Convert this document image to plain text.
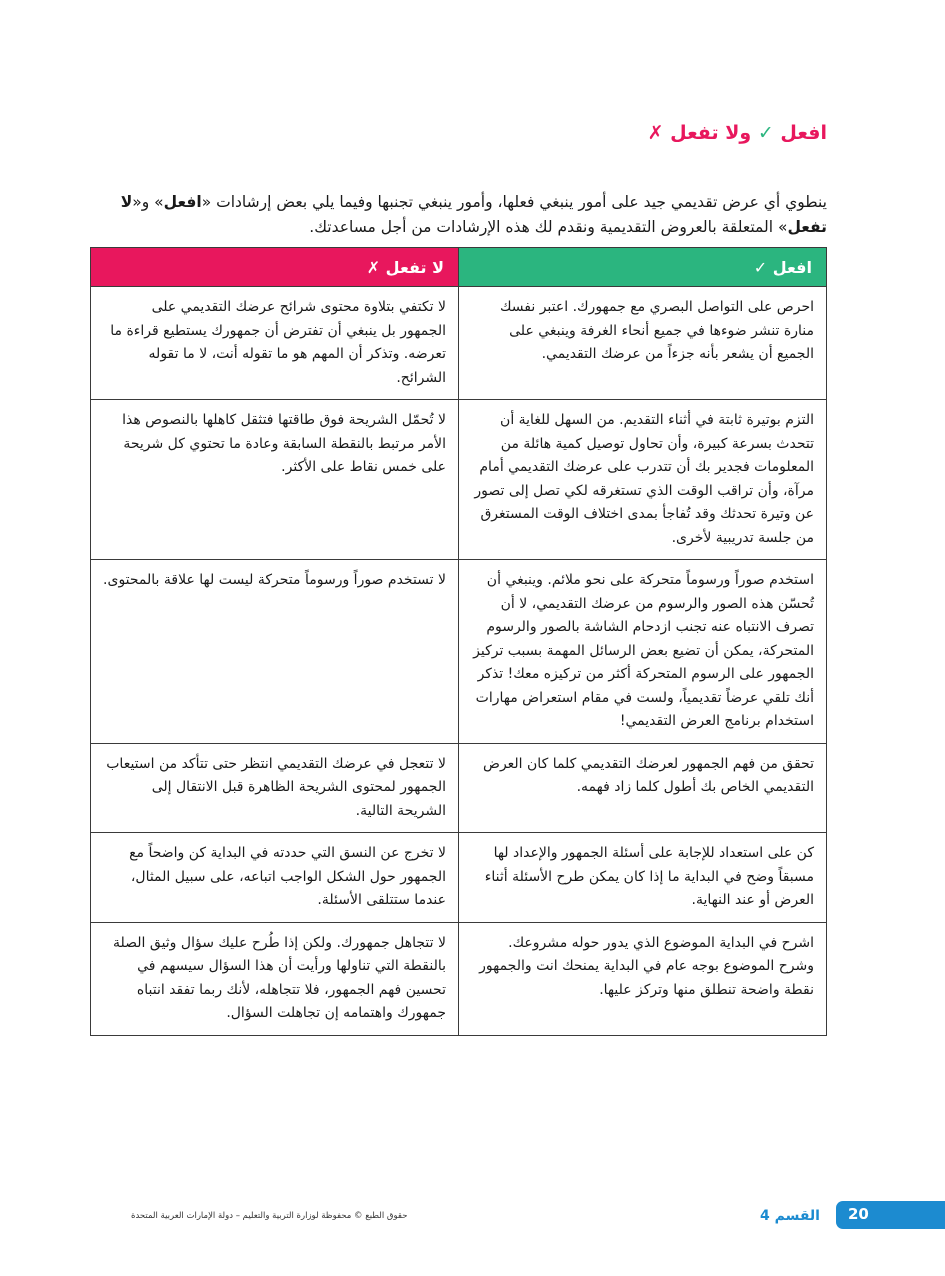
افعل ✓ ولا تفعل ✗

ينطوي أي عرض تقديمي جيد على أمور ينبغي فعلها، وأمور ينبغي تجنبها وفيما يلي بعض إرشادات «افعل» و«لا تفعل» المتعلقة بالعروض التقديمية ونقدم لك هذه الإرشادات من أجل مساعدتك.

افعل ✓	لا تفعل ✗
احرص على التواصل البصري مع جمهورك. اعتبر نفسك منارة تنشر ضوءها في جميع أنحاء الغرفة وينبغي على الجميع أن يشعر بأنه جزءاً من عرضك التقديمي.	لا تكتفي بتلاوة محتوى شرائح عرضك التقديمي على الجمهور بل ينبغي أن تفترض أن جمهورك يستطيع قراءة ما تعرضه. وتذكر أن المهم هو ما تقوله أنت، لا ما تقوله الشرائح.
التزم بوتيرة ثابتة في أثناء التقديم. من السهل للغاية أن تتحدث بسرعة كبيرة، وأن تحاول توصيل كمية هائلة من المعلومات فجدير بك أن تتدرب على عرضك التقديمي أمام مرآة، وأن تراقب الوقت الذي تستغرقه لكي تصل إلى تصور عن وتيرة تحدثك وقد تُفاجأ بمدى اختلاف الوقت المستغرق من جلسة تدريبية لأخرى.	لا تُحمّل الشريحة فوق طاقتها فتثقل كاهلها بالنصوص هذا الأمر مرتبط بالنقطة السابقة وعادة ما تحتوي كل شريحة على خمس نقاط على الأكثر.
استخدم صوراً ورسوماً متحركة على نحو ملائم. وينبغي أن تُحسّن هذه الصور والرسوم من عرضك التقديمي، لا أن تصرف الانتباه عنه تجنب ازدحام الشاشة بالصور والرسوم المتحركة، يمكن أن تضيع بعض الرسائل المهمة بسبب تركيز الجمهور على الرسوم المتحركة أكثر من تركيزه معك! تذكر أنك تلقي عرضاً تقديمياً، ولست في مقام استعراض مهارات استخدام برنامج العرض التقديمي!	لا تستخدم صوراً ورسوماً متحركة ليست لها علاقة بالمحتوى.
تحقق من فهم الجمهور لعرضك التقديمي كلما كان العرض التقديمي الخاص بك أطول كلما زاد فهمه.	لا تتعجل في عرضك التقديمي انتظر حتى تتأكد من استيعاب الجمهور لمحتوى الشريحة الظاهرة قبل الانتقال إلى الشريحة التالية.
كن على استعداد للإجابة على أسئلة الجمهور والإعداد لها مسبقاً وضح في البداية ما إذا كان يمكن طرح الأسئلة أثناء العرض أو عند النهاية.	لا تخرج عن النسق التي حددته في البداية كن واضحاً مع الجمهور حول الشكل الواجب اتباعه، على سبيل المثال، عندما ستتلقى الأسئلة.
اشرح في البداية الموضوع الذي يدور حوله مشروعك. وشرح الموضوع بوجه عام في البداية يمنحك انت والجمهور نقطة واضحة تنطلق منها وتركز عليها.	لا تتجاهل جمهورك. ولكن إذا طُرح عليك سؤال وثيق الصلة بالنقطة التي تناولها ورأيت أن هذا السؤال سيسهم في تحسين فهم الجمهور، فلا تتجاهله، لأنك ربما تفقد انتباه جمهورك واهتمامه إن تجاهلت السؤال.
حقوق الطبع © محفوظة لوزارة التربية والتعليم – دولة الإمارات العربية المتحدة	القسم 4 20
